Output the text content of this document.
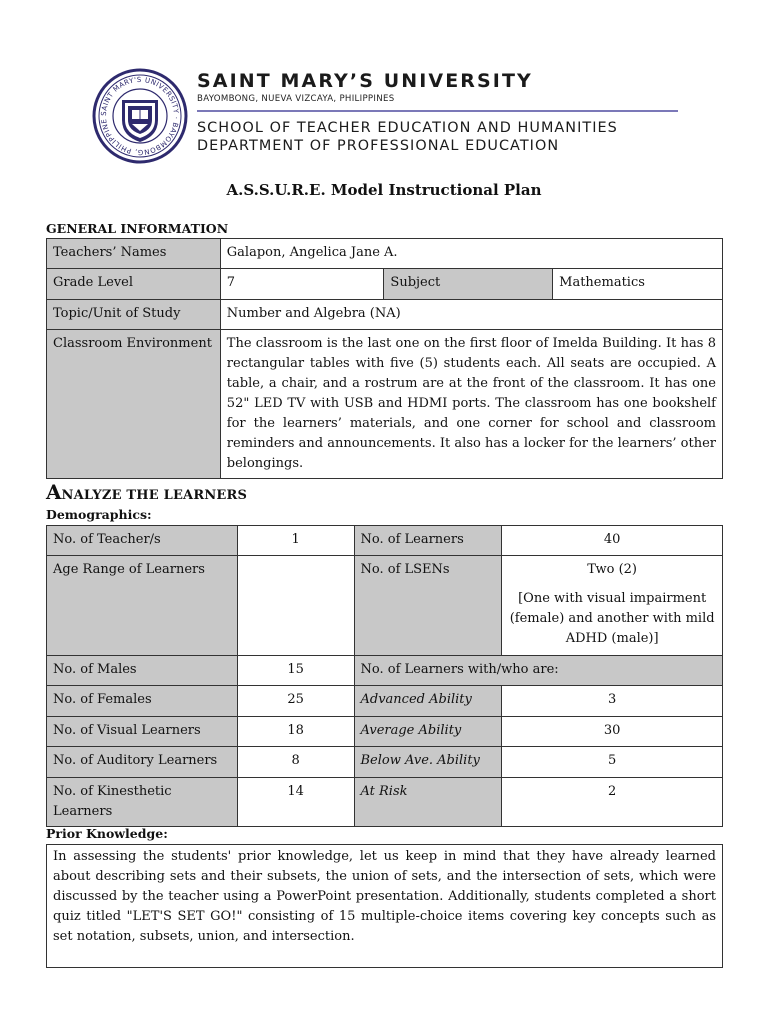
SAINT MARY'S UNIVERSITY · BAYOMBONG, PHILIPPINE
SAINT MARY’S UNIVERSITY
BAYOMBONG, NUEVA VIZCAYA, PHILIPPINES
SCHOOL OF TEACHER EDUCATION AND HUMANITIES
DEPARTMENT OF PROFESSIONAL EDUCATION
A.S.S.U.R.E. Model Instructional Plan
GENERAL INFORMATION
Teachers’ Names	Galapon, Angelica Jane A.		
Grade Level	7	Subject	Mathematics
Topic/Unit of Study	Number and Algebra (NA)		
Classroom Environment	The classroom is the last one on the first floor of Imelda Building. It has 8 rectangular tables with five (5) students each. All seats are occupied. A table, a chair, and a rostrum are at the front of the classroom. It has one 52" LED TV with USB and HDMI ports. The classroom has one bookshelf for the learners’ materials, and one corner for school and classroom reminders and announcements. It also has a locker for the learners’ other belongings.		
ANALYZE THE LEARNERS
Demographics:
No. of Teacher/s	1	No. of Learners	40
Age Range of Learners		No. of LSENs	Two (2)
[One with visual impairment (female) and another with mild ADHD (male)]

No. of Males	15	No. of Learners with/who are:	
No. of Females	25	Advanced Ability	3
No. of Visual Learners	18	Average Ability	30
No. of Auditory Learners	8	Below Ave. Ability	5
No. of Kinesthetic Learners	14	At Risk	2
Prior Knowledge:
In assessing the students' prior knowledge, let us keep in mind that they have already learned about describing sets and their subsets, the union of sets, and the intersection of sets, which were discussed by the teacher using a PowerPoint presentation. Additionally, students completed a short quiz titled "LET'S SET GO!" consisting of 15 multiple-choice items covering key concepts such as set notation, subsets, union, and intersection.
